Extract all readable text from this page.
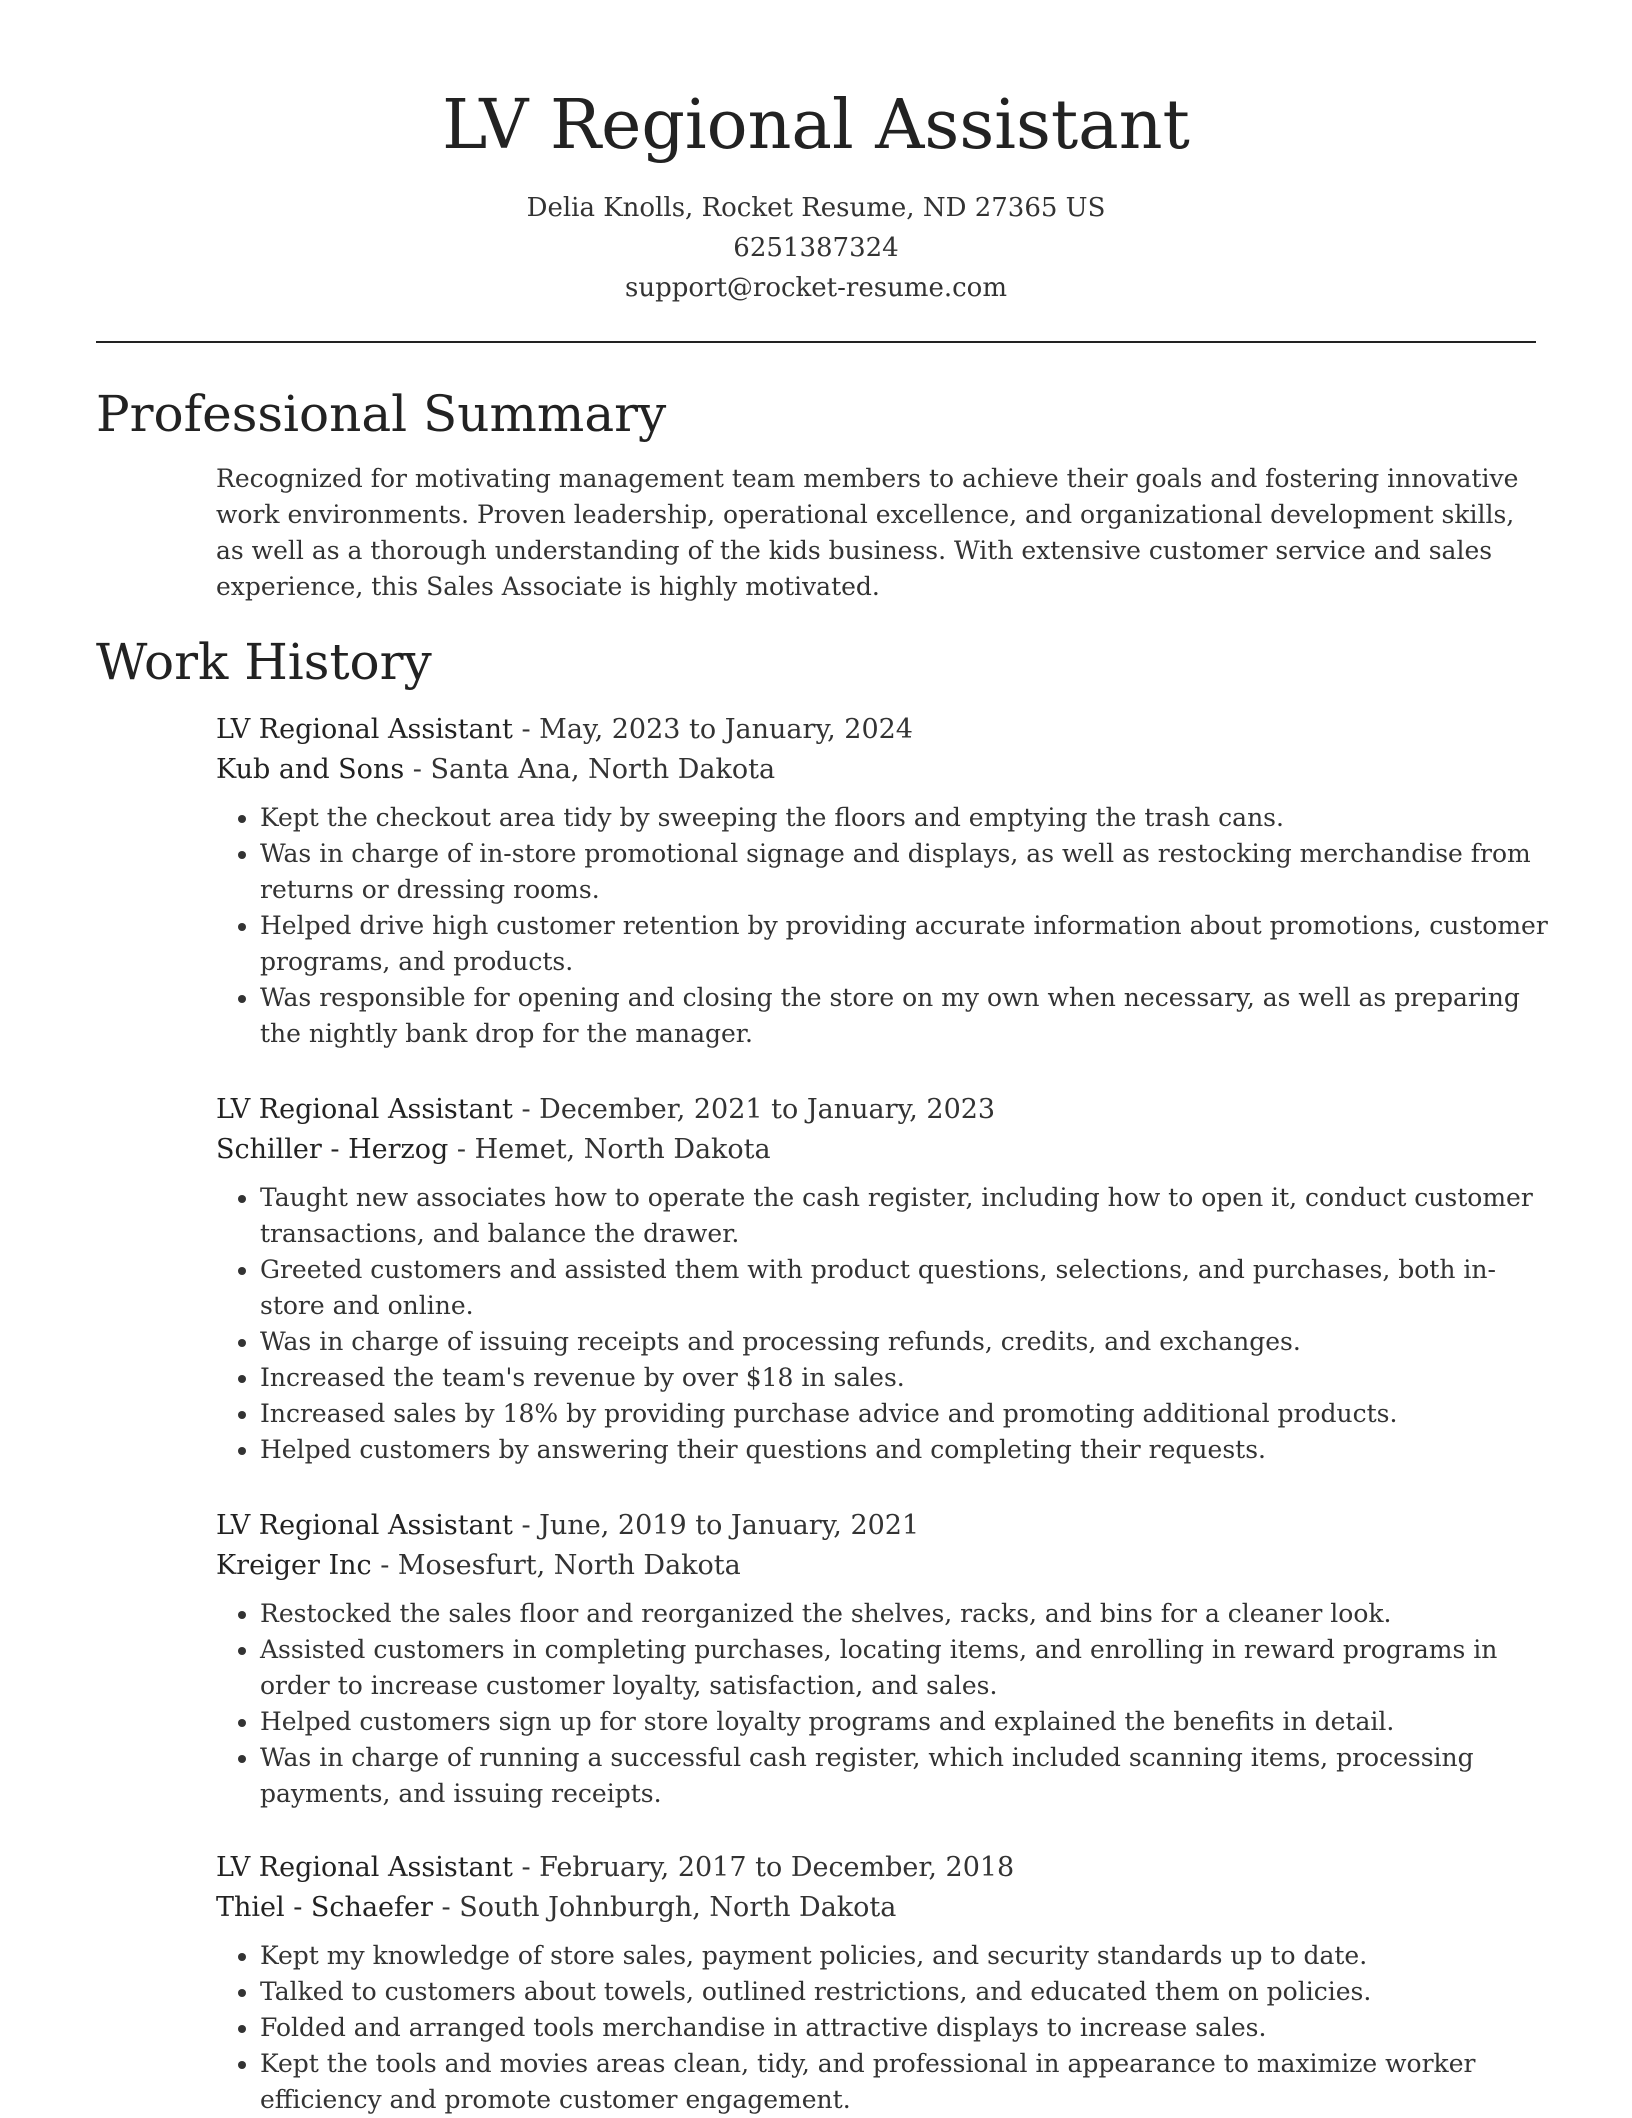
LV Regional Assistant
Delia Knolls, Rocket Resume, ND 27365 US
6251387324
support@rocket-resume.com
Professional Summary

Recognized for motivating management team members to achieve their goals and fostering innovative work environments. Proven leadership, operational excellence, and organizational development skills, as well as a thorough understanding of the kids business. With extensive customer service and sales experience, this Sales Associate is highly motivated.

Work History
LV Regional Assistant - May, 2023 to January, 2024
Kub and Sons - Santa Ana, North Dakota
• Kept the checkout area tidy by sweeping the floors and emptying the trash cans.
• Was in charge of in-store promotional signage and displays, as well as restocking merchandise from returns or dressing rooms.
• Helped drive high customer retention by providing accurate information about promotions, customer programs, and products.
• Was responsible for opening and closing the store on my own when necessary, as well as preparing the nightly bank drop for the manager.
LV Regional Assistant - December, 2021 to January, 2023
Schiller - Herzog - Hemet, North Dakota
• Taught new associates how to operate the cash register, including how to open it, conduct customer transactions, and balance the drawer.
• Greeted customers and assisted them with product questions, selections, and purchases, both in-store and online.
• Was in charge of issuing receipts and processing refunds, credits, and exchanges.
• Increased the team's revenue by over $18 in sales.
• Increased sales by 18% by providing purchase advice and promoting additional products.
• Helped customers by answering their questions and completing their requests.
LV Regional Assistant - June, 2019 to January, 2021
Kreiger Inc - Mosesfurt, North Dakota
• Restocked the sales floor and reorganized the shelves, racks, and bins for a cleaner look.
• Assisted customers in completing purchases, locating items, and enrolling in reward programs in order to increase customer loyalty, satisfaction, and sales.
• Helped customers sign up for store loyalty programs and explained the benefits in detail.
• Was in charge of running a successful cash register, which included scanning items, processing payments, and issuing receipts.
LV Regional Assistant - February, 2017 to December, 2018
Thiel - Schaefer - South Johnburgh, North Dakota
• Kept my knowledge of store sales, payment policies, and security standards up to date.
• Talked to customers about towels, outlined restrictions, and educated them on policies.
• Folded and arranged tools merchandise in attractive displays to increase sales.
• Kept the tools and movies areas clean, tidy, and professional in appearance to maximize worker efficiency and promote customer engagement.
